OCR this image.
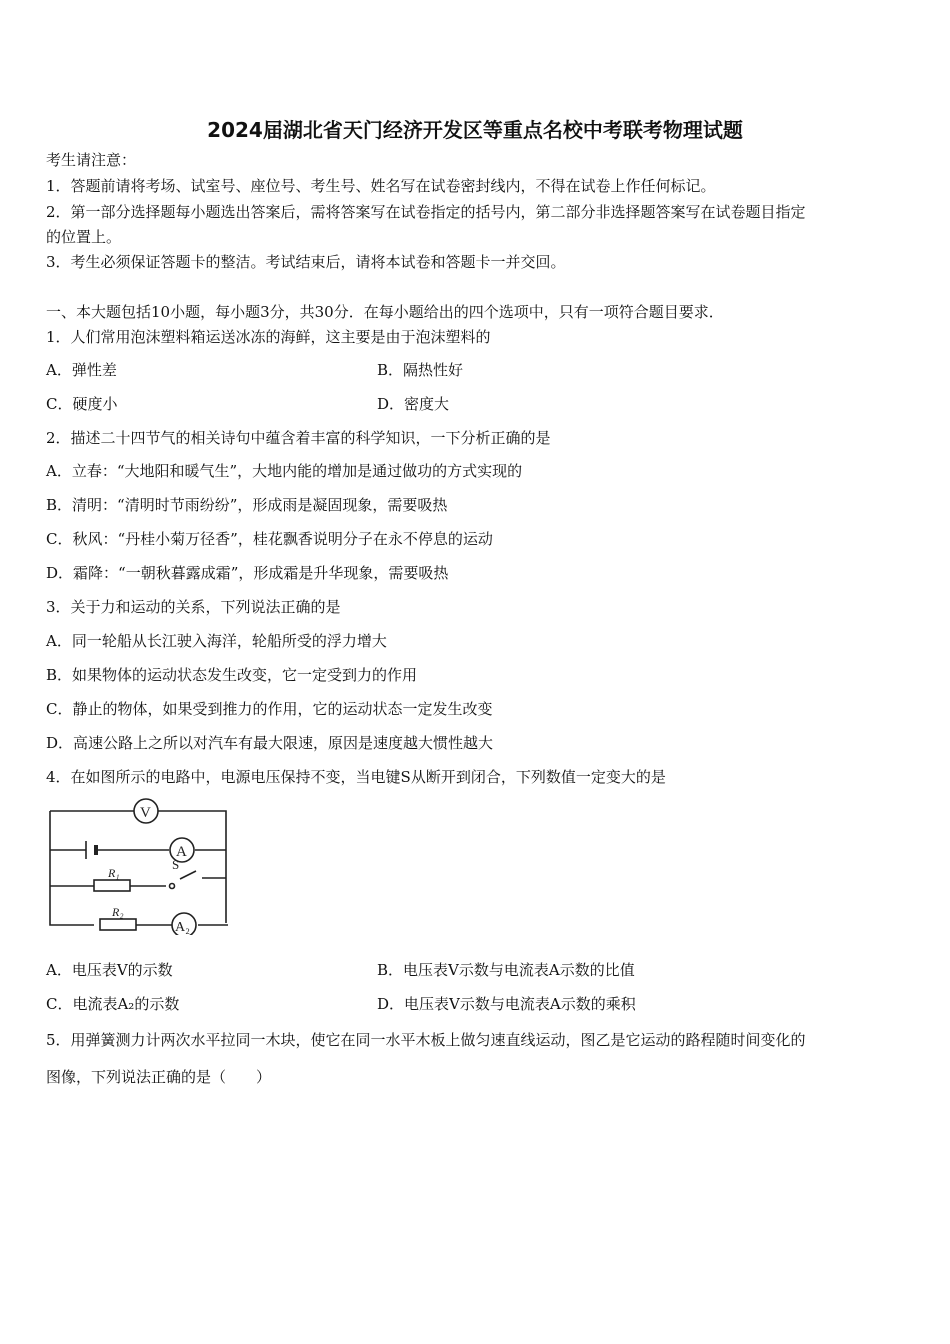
2024届湖北省天门经济开发区等重点名校中考联考物理试题
考生请注意：
1．答题前请将考场、试室号、座位号、考生号、姓名写在试卷密封线内，不得在试卷上作任何标记。
2．第一部分选择题每小题选出答案后，需将答案写在试卷指定的括号内，第二部分非选择题答案写在试卷题目指定
的位置上。
3．考生必须保证答题卡的整洁。考试结束后，请将本试卷和答题卡一并交回。
一、本大题包括10小题，每小题3分，共30分．在每小题给出的四个选项中，只有一项符合题目要求．
1．人们常用泡沫塑料箱运送冰冻的海鲜，这主要是由于泡沫塑料的
A．弹性差	B．隔热性好
C．硬度小	D．密度大
2．描述二十四节气的相关诗句中蕴含着丰富的科学知识，一下分析正确的是
A．立春：“大地阳和暖气生”，大地内能的增加是通过做功的方式实现的
B．清明：“清明时节雨纷纷”，形成雨是凝固现象，需要吸热
C．秋风：“丹桂小菊万径香”，桂花飘香说明分子在永不停息的运动
D．霜降：“一朝秋暮露成霜”，形成霜是升华现象，需要吸热
3．关于力和运动的关系，下列说法正确的是
A．同一轮船从长江驶入海洋，轮船所受的浮力增大
B．如果物体的运动状态发生改变，它一定受到力的作用
C．静止的物体，如果受到推力的作用，它的运动状态一定发生改变
D．高速公路上之所以对汽车有最大限速，原因是速度越大惯性越大
4．在如图所示的电路中，电源电压保持不变，当电键S从断开到闭合，下列数值一定变大的是
V
A
A₂
S
R₁
R₂
A．电压表V的示数	B．电压表V示数与电流表A示数的比值
C．电流表A₂的示数	D．电压表V示数与电流表A示数的乘积
5．用弹簧测力计两次水平拉同一木块，使它在同一水平木板上做匀速直线运动，图乙是它运动的路程随时间变化的
图像，下列说法正确的是（　　）
